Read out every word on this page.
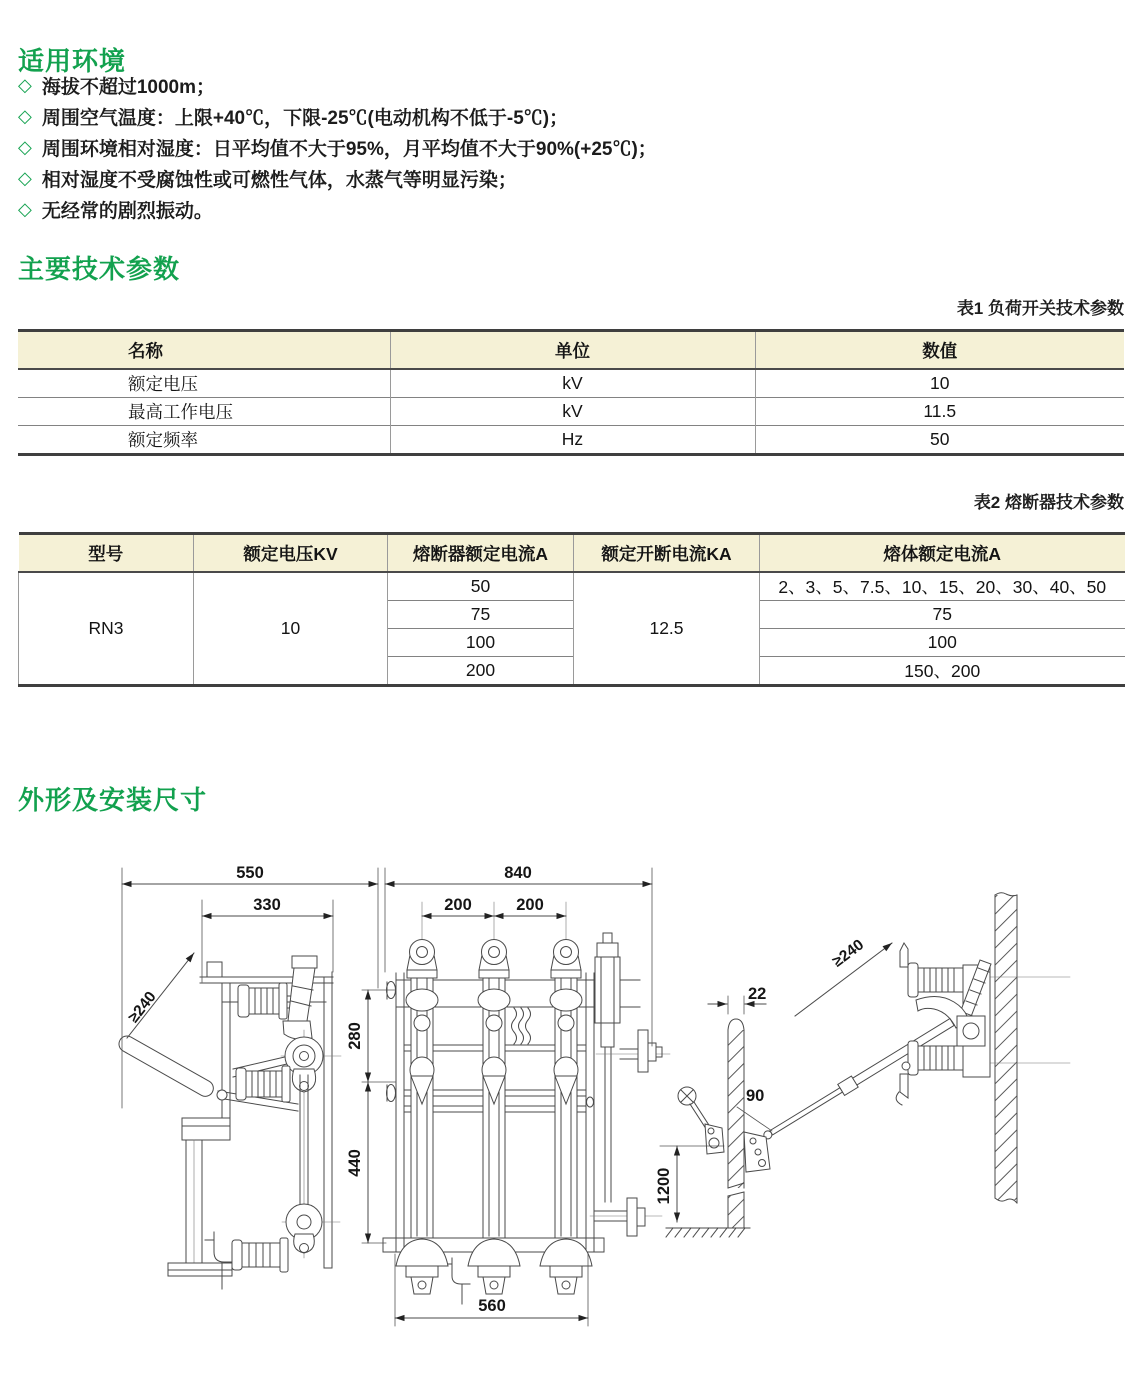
适用环境
◇ 海拔不超过1000m；
◇ 周围空气温度：上限+40℃，下限-25℃(电动机构不低于-5℃)；
◇ 周围环境相对湿度：日平均值不大于95%，月平均值不大于90%(+25℃)；
◇ 相对湿度不受腐蚀性或可燃性气体，水蒸气等明显污染；
◇ 无经常的剧烈振动。
主要技术参数
表1 负荷开关技术参数
名称	单位	数值
额定电压	kV	10
最高工作电压	kV	11.5
额定频率	Hz	50
表2 熔断器技术参数
型号	额定电压KV	熔断器额定电流A	额定开断电流KA	熔体额定电流A
RN3	10	50	12.5	2、3、5、7.5、10、15、20、30、40、50
		75		75
		100		100
		200		150、200
外形及安装尺寸
550
330
≥240
840
200	200
280
440
560
22
90
≥240
1200
